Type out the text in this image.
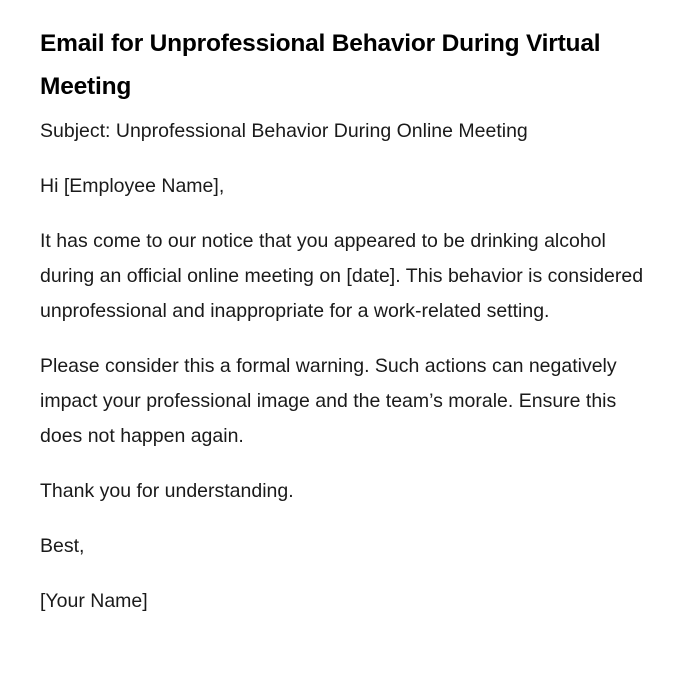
Email for Unprofessional Behavior During Virtual Meeting

Subject: Unprofessional Behavior During Online Meeting

Hi [Employee Name],

It has come to our notice that you appeared to be drinking alcohol during an official online meeting on [date]. This behavior is considered unprofessional and inappropriate for a work-related setting.

Please consider this a formal warning. Such actions can negatively impact your professional image and the team’s morale. Ensure this does not happen again.

Thank you for understanding.

Best,

[Your Name]
